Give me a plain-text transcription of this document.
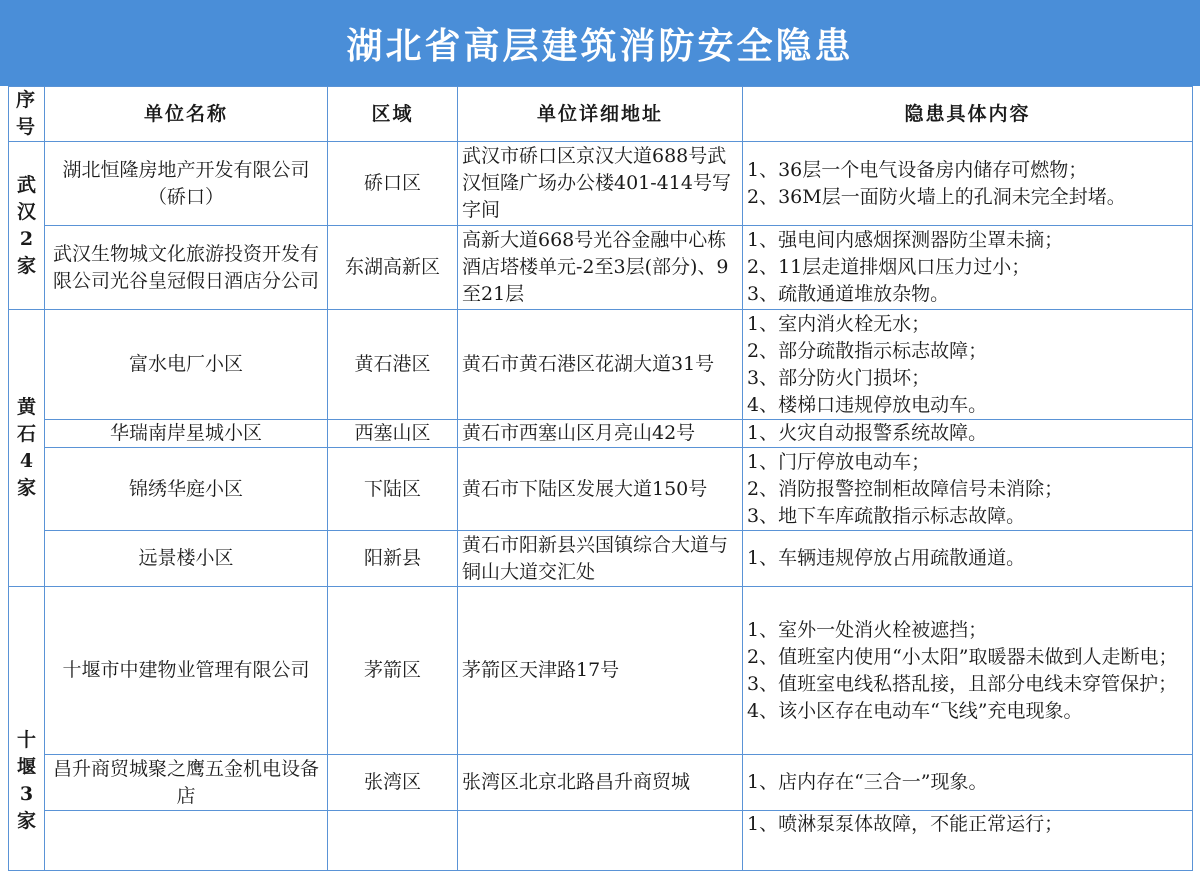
湖北省高层建筑消防安全隐患
序号	单位名称	区域	单位详细地址	隐患具体内容
武汉2家	湖北恒隆房地产开发有限公司（硚口）	硚口区	武汉市硚口区京汉大道688号武汉恒隆广场办公楼401-414号写字间	1、36层一个电气设备房内储存可燃物；
2、36M层一面防火墙上的孔洞未完全封堵。

	武汉生物城文化旅游投资开发有限公司光谷皇冠假日酒店分公司	东湖高新区	高新大道668号光谷金融中心栋酒店塔楼单元-2至3层(部分)、9至21层	1、强电间内感烟探测器防尘罩未摘；
2、11层走道排烟风口压力过小；
3、疏散通道堆放杂物。

黄石4家	富水电厂小区	黄石港区	黄石市黄石港区花湖大道31号	1、室内消火栓无水；
2、部分疏散指示标志故障；
3、部分防火门损坏；
4、楼梯口违规停放电动车。

	华瑞南岸星城小区	西塞山区	黄石市西塞山区月亮山42号	1、火灾自动报警系统故障。

	锦绣华庭小区	下陆区	黄石市下陆区发展大道150号	1、门厅停放电动车；
2、消防报警控制柜故障信号未消除；
3、地下车库疏散指示标志故障。

	远景楼小区	阳新县	黄石市阳新县兴国镇综合大道与铜山大道交汇处	1、车辆违规停放占用疏散通道。

十堰3家	十堰市中建物业管理有限公司	茅箭区	茅箭区天津路17号	1、室外一处消火栓被遮挡；
2、值班室内使用“小太阳”取暖器未做到人走断电；
3、值班室电线私搭乱接，且部分电线未穿管保护；
4、该小区存在电动车“飞线”充电现象。

	昌升商贸城聚之鹰五金机电设备店	张湾区	张湾区北京北路昌升商贸城	1、店内存在“三合一”现象。

				1、喷淋泵泵体故障，不能正常运行；
